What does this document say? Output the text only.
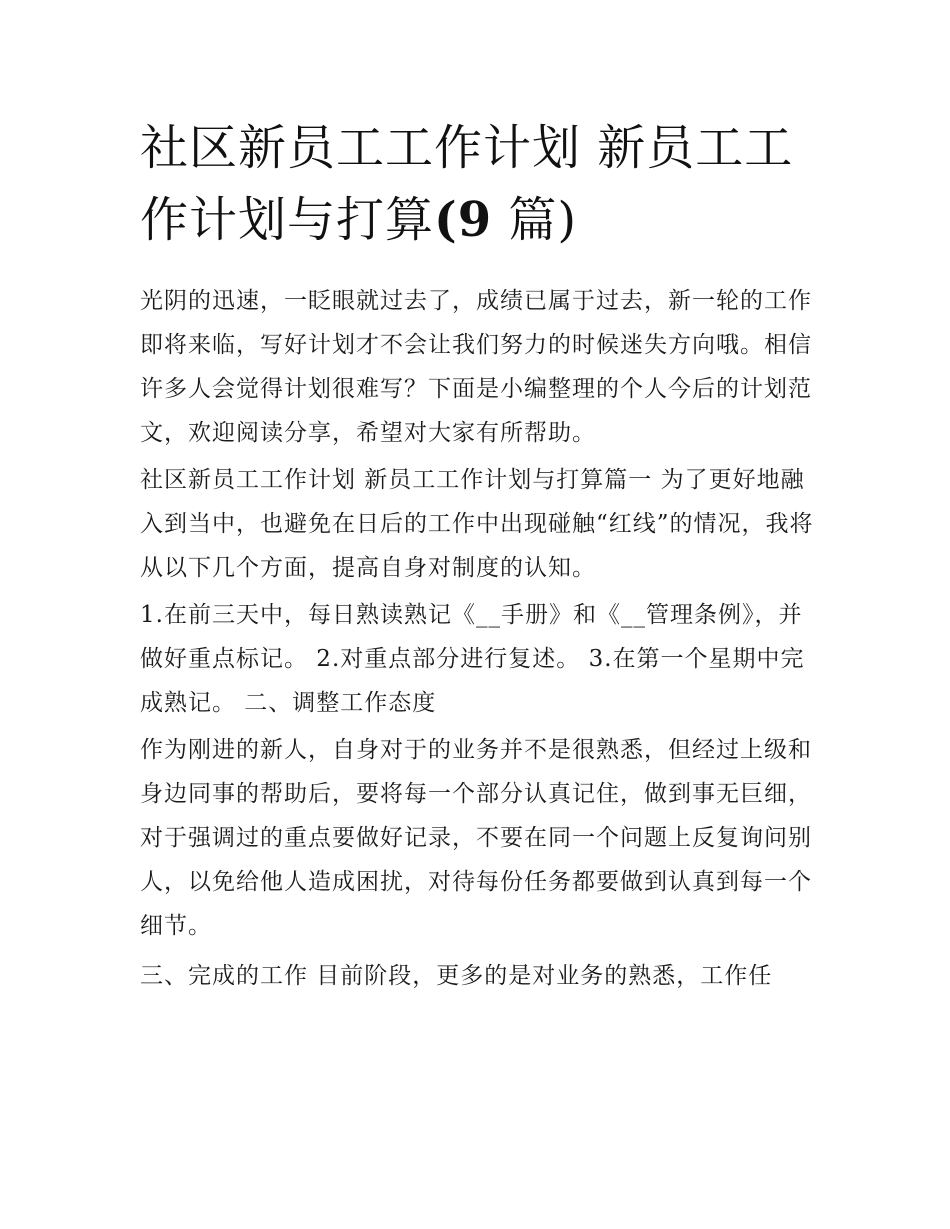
社区新员工工作计划 新员工工作计划与打算(9 篇)

光阴的迅速，一眨眼就过去了，成绩已属于过去，新一轮的工作即将来临，写好计划才不会让我们努力的时候迷失方向哦。相信许多人会觉得计划很难写？下面是小编整理的个人今后的计划范文，欢迎阅读分享，希望对大家有所帮助。

社区新员工工作计划 新员工工作计划与打算篇一 为了更好地融入到当中，也避免在日后的工作中出现碰触“红线”的情况，我将从以下几个方面，提高自身对制度的认知。

1.在前三天中，每日熟读熟记《__手册》和《__管理条例》，并做好重点标记。 2.对重点部分进行复述。 3.在第一个星期中完成熟记。 二、调整工作态度

作为刚进的新人，自身对于的业务并不是很熟悉，但经过上级和身边同事的帮助后，要将每一个部分认真记住，做到事无巨细，对于强调过的重点要做好记录，不要在同一个问题上反复询问别人，以免给他人造成困扰，对待每份任务都要做到认真到每一个细节。

三、完成的工作 目前阶段，更多的是对业务的熟悉，工作任
